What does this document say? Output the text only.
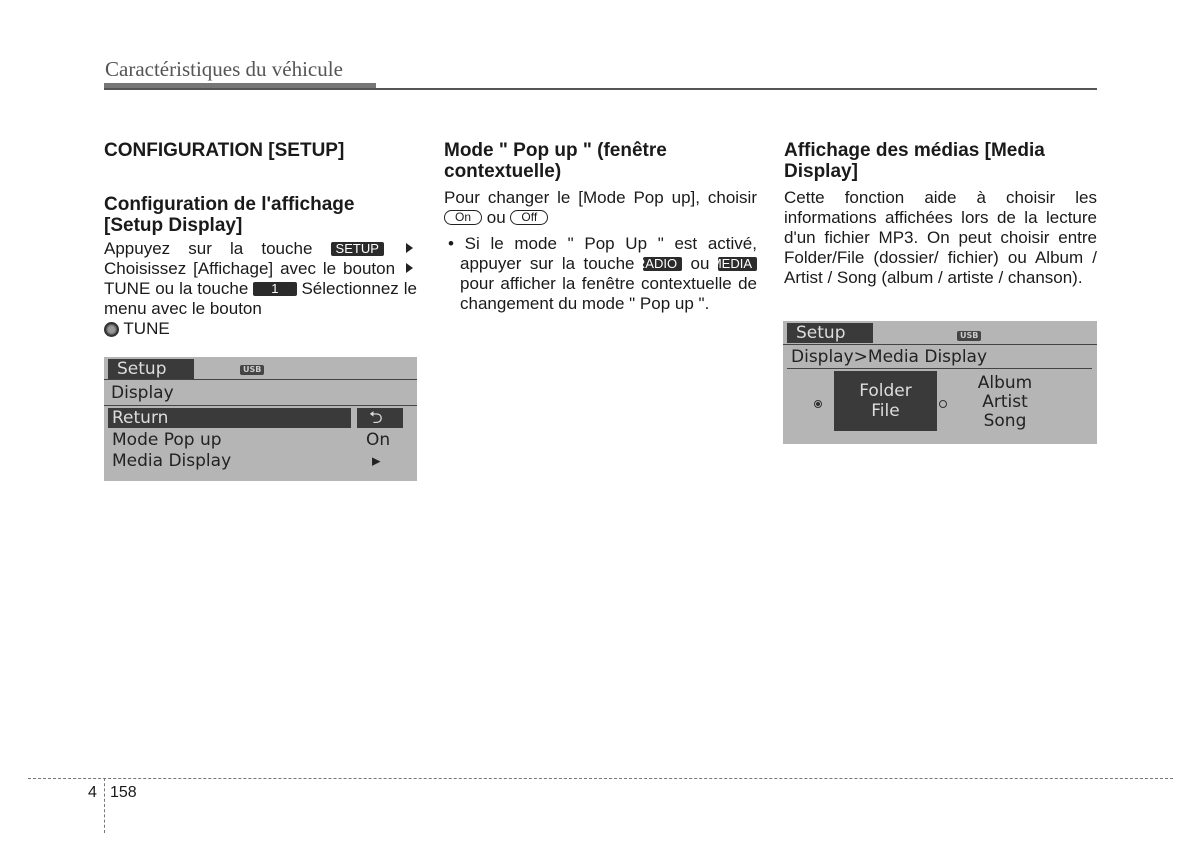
Caractéristiques du véhicule

CONFIGURATION [SETUP]

Configuration de l'affichage [Setup Display]

Appuyez sur la touche SETUP  Choisissez [Affichage] avec le bouton TUNE ou la touche 1 Sélectionnez le menu avec le bouton
TUNE

Setup	USB
Display
Return	⮌
Mode Pop up	On
Media Display	▸

Mode " Pop up " (fenêtre contextuelle)

Pour changer le [Mode Pop up], choisir On ou Off

• Si le mode " Pop Up " est activé, appuyer sur la touche RADIO ou MEDIA pour afficher la fenêtre contextuelle de changement du mode " Pop up ".

Affichage des médias [Media Display]

Cette fonction aide à choisir les informations affichées lors de la lecture d'un fichier MP3. On peut choisir entre Folder/File (dossier/ fichier) ou Album / Artist / Song (album / artiste / chanson).

Setup	USB
Display>Media Display
Folder
File
Album
Artist
Song
4 158
